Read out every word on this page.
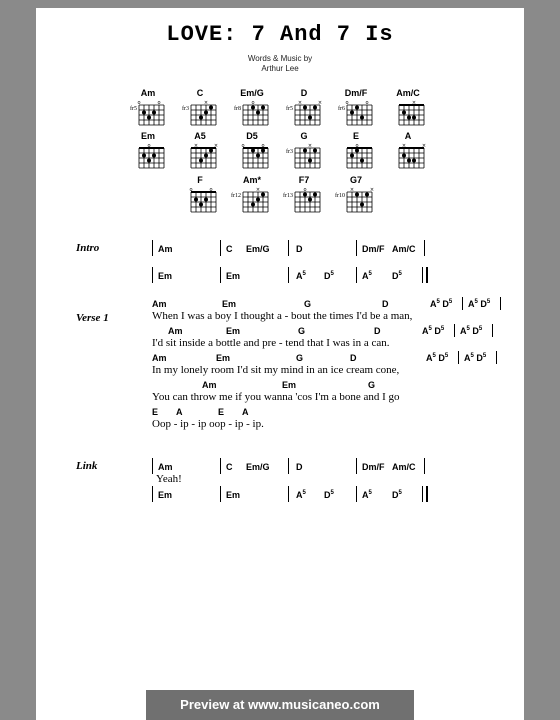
LOVE: 7 And 7 Is
Words & Music by
Arthur Lee
Am
o	o
fr5
C
×
fr3
Em/G
o
fr8
D
×	×
fr5
Dm/F
o	o
fr6
Am/C
×
Em
o
A5
×	×
D5
o	o
G
×
fr3
E
o
A
×	×
F
o	o
Am*
×
fr12
F7
o
fr13
G7
×	×
fr10
Intro	Am	C Em/G	D	Dm/F Am/C
Em	Em	$A^5$ $D^5$	$A^5$ $D^5$
Verse 1
Am	Em	G	D	$A^5$ $D^5$ $A^5$ $D^5$
When I was a boy I thought a - bout the times I'd be a man,
Am	Em	G	D	$A^5$ $D^5$ $A^5$ $D^5$
I'd sit inside a bottle and pre - tend that I was in a can.
Am	Em	G	D	$A^5$ $D^5$ $A^5$ $D^5$
In my lonely room I'd sit my mind in an ice cream cone,
Am	Em	G
You can throw me if you wanna 'cos I'm a bone and I go
E A	E A
Oop - ip - ip oop - ip - ip.
Link	Am	C Em/G	D	Dm/F Am/C
Yeah!
Em	Em	$A^5$ $D^5$	$A^5$ $D^5$
Preview at www.musicaneo.com
